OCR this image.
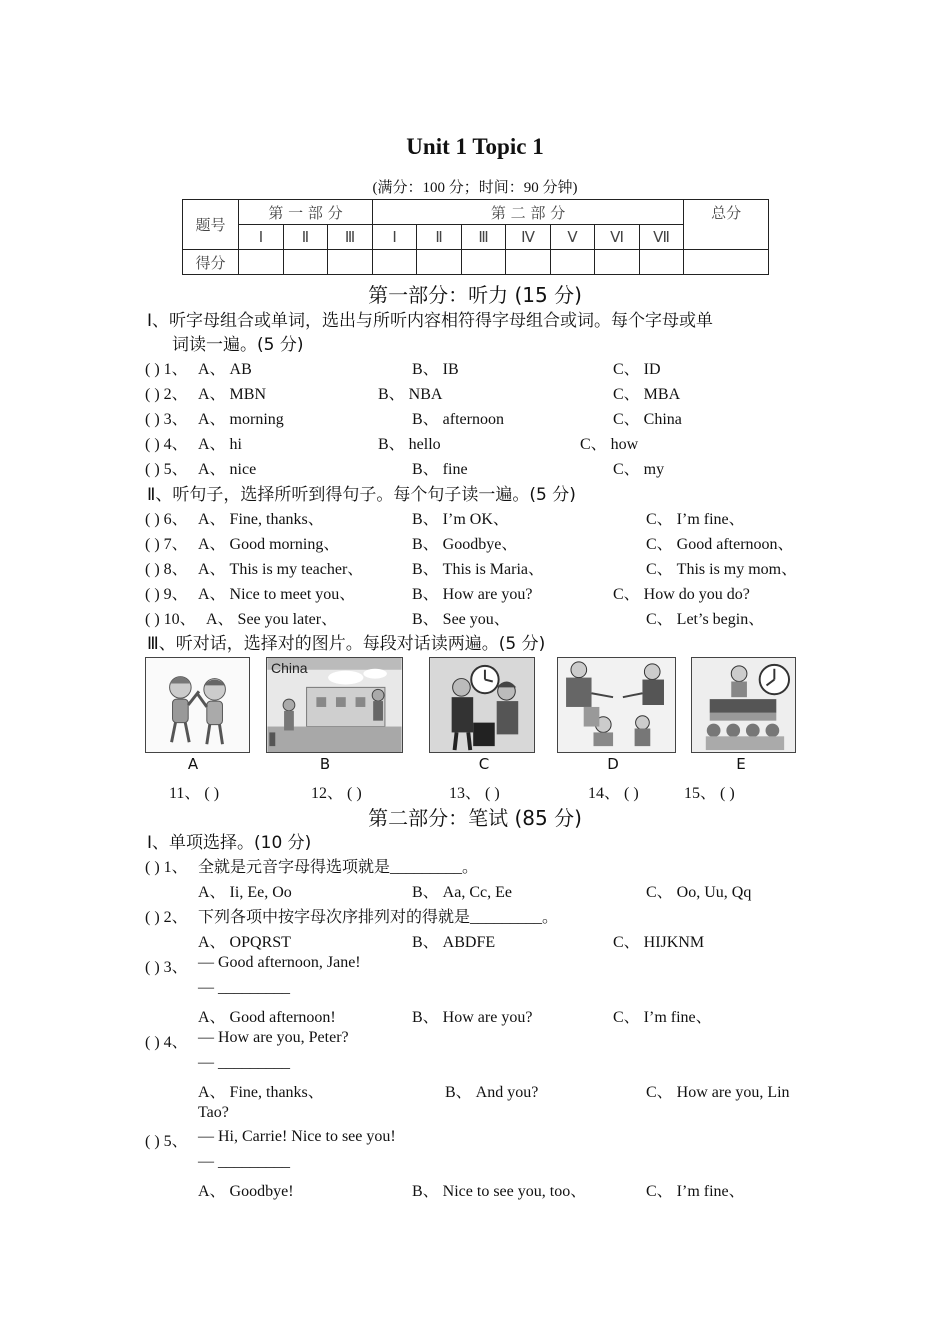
Unit 1 Topic 1
(满分：100 分；时间：90 分钟)
题号	第 一 部 分			第 二 部 分							总分
	Ⅰ	Ⅱ	Ⅲ	Ⅰ	Ⅱ	Ⅲ	Ⅳ	Ⅴ	Ⅵ	Ⅶ	
得分											
第一部分：听力 (15 分)
Ⅰ、听字母组合或单词，选出与所听内容相符得字母组合或词。每个字母或单
词读一遍。(5 分)
( ) 1、 A、 AB	B、 IB	C、 ID
( ) 2、 A、 MBN	B、 NBA	C、 MBA
( ) 3、 A、 morning	B、 afternoon	C、 China
( ) 4、 A、 hi	B、 hello	C、 how
( ) 5、 A、 nice	B、 fine	C、 my
Ⅱ、听句子，选择所听到得句子。每个句子读一遍。(5 分)
( ) 6、 A、 Fine, thanks、	B、 I’m OK、	C、 I’m fine、
( ) 7、 A、 Good morning、	B、 Goodbye、	C、 Good afternoon、
( ) 8、 A、 This is my teacher、	B、 This is Maria、	C、 This is my mom、
( ) 9、 A、 Nice to meet you、	B、 How are you?	C、 How do you do?
( ) 10、 A、 See you later、	B、 See you、	C、 Let’s begin、
Ⅲ、听对话，选择对的图片。每段对话读两遍。(5 分)
China
A	B	C	D	E
11、 ( )	12、 ( )	13、 ( )	14、 ( )	15、 ( )
第二部分：笔试 (85 分)
Ⅰ、单项选择。(10 分)
( ) 1、 全就是元音字母得选项就是_________。
A、 Ii, Ee, Oo	B、 Aa, Cc, Ee	C、 Oo, Uu, Qq
( ) 2、 下列各项中按字母次序排列对的得就是_________。
A、 OPQRST	B、 ABDFE	C、 HIJKNM
( ) 3、 — Good afternoon, Jane!
— _________
A、 Good afternoon!	B、 How are you?	C、 I’m fine、
( ) 4、 — How are you, Peter?
— _________
A、 Fine, thanks、	B、 And you?	C、 How are you, Lin
Tao?
( ) 5、 — Hi, Carrie! Nice to see you!
— _________
A、 Goodbye!	B、 Nice to see you, too、	C、 I’m fine、
